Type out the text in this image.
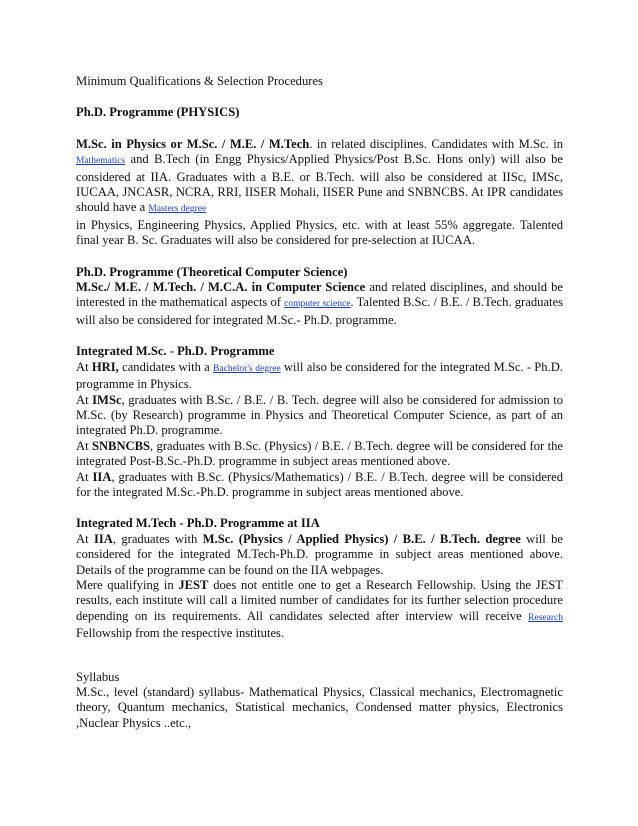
Minimum Qualifications & Selection Procedures

Ph.D. Programme (PHYSICS)

M.Sc. in Physics or M.Sc. / M.E. / M.Tech. in related disciplines. Candidates with M.Sc. in Mathematics and B.Tech (in Engg Physics/Applied Physics/Post B.Sc. Hons only) will also be considered at IIA. Graduates with a B.E. or B.Tech. will also be considered at IISc, IMSc, IUCAA, JNCASR, NCRA, RRI, IISER Mohali, IISER Pune and SNBNCBS. At IPR candidates should have a Masters degree
in Physics, Engineering Physics, Applied Physics, etc. with at least 55% aggregate. Talented final year B. Sc. Graduates will also be considered for pre-selection at IUCAA.

Ph.D. Programme (Theoretical Computer Science)

M.Sc./ M.E. / M.Tech. / M.C.A. in Computer Science and related disciplines, and should be interested in the mathematical aspects of computer science. Talented B.Sc. / B.E. / B.Tech. graduates will also be considered for integrated M.Sc.- Ph.D. programme.

Integrated M.Sc. - Ph.D. Programme

At HRI, candidates with a Bachelor's degree will also be considered for the integrated M.Sc. - Ph.D. programme in Physics.

At IMSc, graduates with B.Sc. / B.E. / B. Tech. degree will also be considered for admission to M.Sc. (by Research) programme in Physics and Theoretical Computer Science, as part of an integrated Ph.D. programme.

At SNBNCBS, graduates with B.Sc. (Physics) / B.E. / B.Tech. degree will be considered for the integrated Post-B.Sc.-Ph.D. programme in subject areas mentioned above.

At IIA, graduates with B.Sc. (Physics/Mathematics) / B.E. / B.Tech. degree will be considered for the integrated M.Sc.-Ph.D. programme in subject areas mentioned above.

Integrated M.Tech - Ph.D. Programme at IIA

At IIA, graduates with M.Sc. (Physics / Applied Physics) / B.E. / B.Tech. degree will be considered for the integrated M.Tech-Ph.D. programme in subject areas mentioned above. Details of the programme can be found on the IIA webpages.

Mere qualifying in JEST does not entitle one to get a Research Fellowship. Using the JEST results, each institute will call a limited number of candidates for its further selection procedure depending on its requirements. All candidates selected after interview will receive Research Fellowship from the respective institutes.

Syllabus

M.Sc., level (standard) syllabus- Mathematical Physics, Classical mechanics, Electromagnetic theory, Quantum mechanics, Statistical mechanics, Condensed matter physics, Electronics ,Nuclear Physics ..etc.,
